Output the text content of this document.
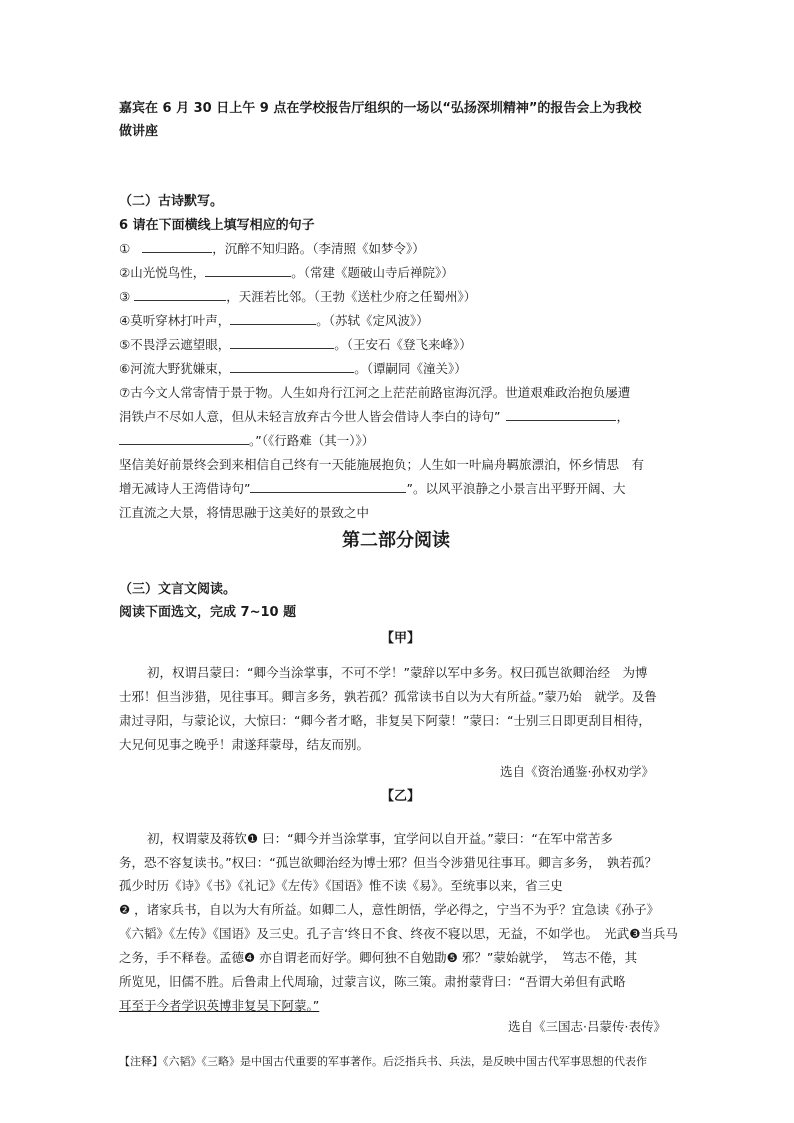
嘉宾在 6 月 30 日上午 9 点在学校报告厅组织的一场以“弘扬深圳精神”的报告会上为我校
做讲座
（二）古诗默写。
6 请在下面横线上填写相应的句子
①	，沉醉不知归路。（李清照《如梦令》）
②山光悦鸟性，	。（常建《题破山寺后禅院》）
③	，天涯若比邻。（王勃《送杜少府之任蜀州》）
④莫听穿林打叶声，	。（苏轼《定风波》）
⑤不畏浮云遮望眼，	。（王安石《登飞来峰》）
⑥河流大野犹嫌束，	。（谭嗣同《潼关》）
⑦古今文人常寄情于景于物。人生如舟行江河之上茫茫前路宦海沉浮。世道艰难政治抱负屡遭
涓铁卢不尽如人意，但从未轻言放弃古今世人皆会借诗人李白的诗句”	，
。”（《行路难（其一）》）
坚信美好前景终会到来相信自己终有一天能施展抱负；人生如一叶扁舟羁旅漂泊，怀乡情思　有
增无减诗人王湾借诗句”	”。以风平浪静之小景言出平野开阔、大
江直流之大景，将情思融于这美好的景致之中
第二部分阅读
（三）文言文阅读。
阅读下面选文，完成 7~10 题
【甲】
初，权谓吕蒙曰：“卿今当涂掌事，不可不学！”蒙辞以军中多务。权曰孤岂欲卿治经　为博
士邪！但当涉猎，见往事耳。卿言多务，孰若孤？孤常读书自以为大有所益。”蒙乃始　就学。及鲁
肃过寻阳，与蒙论议，大惊曰：“卿今者才略，非复吴下阿蒙！”蒙曰：“士别三日即更刮目相待，
大兄何见事之晚乎！肃遂拜蒙母，结友而别。
选自《资治通鉴·孙权劝学》
【乙】
初，权谓蒙及蒋钦❶ 曰：“卿今并当涂掌事，宜学问以自开益。”蒙曰：“在军中常苦多
务，恐不容复读书。”权曰：“孤岂欲卿治经为博士邪？但当令涉猎见往事耳。卿言多务，　孰若孤？
孤少时历《诗》《书》《礼记》《左传》《国语》惟不读《易》。至统事以来，省三史
❷ ，诸家兵书，自以为大有所益。如卿二人，意性朗悟，学必得之，宁当不为乎？宜急读《孙子》
《六韬》《左传》《国语》及三史。孔子言‘终日不食、终夜不寝以思，无益，不如学也。　光武❸当兵马
之务，手不释卷。孟德❹ 亦自谓老而好学。卿何独不自勉勖❺ 邪？”蒙始就学，　笃志不倦，其
所览见，旧儒不胜。后鲁肃上代周瑜，过蒙言议，陈三策。肃拊蒙背曰：“吾谓大弟但有武略
耳至于今者学识英博非复吴下阿蒙。”
选自《三国志·吕蒙传·表传》
【注释】《六韬》《三略》是中国古代重要的军事著作。后泛指兵书、兵法，是反映中国古代军事思想的代表作
